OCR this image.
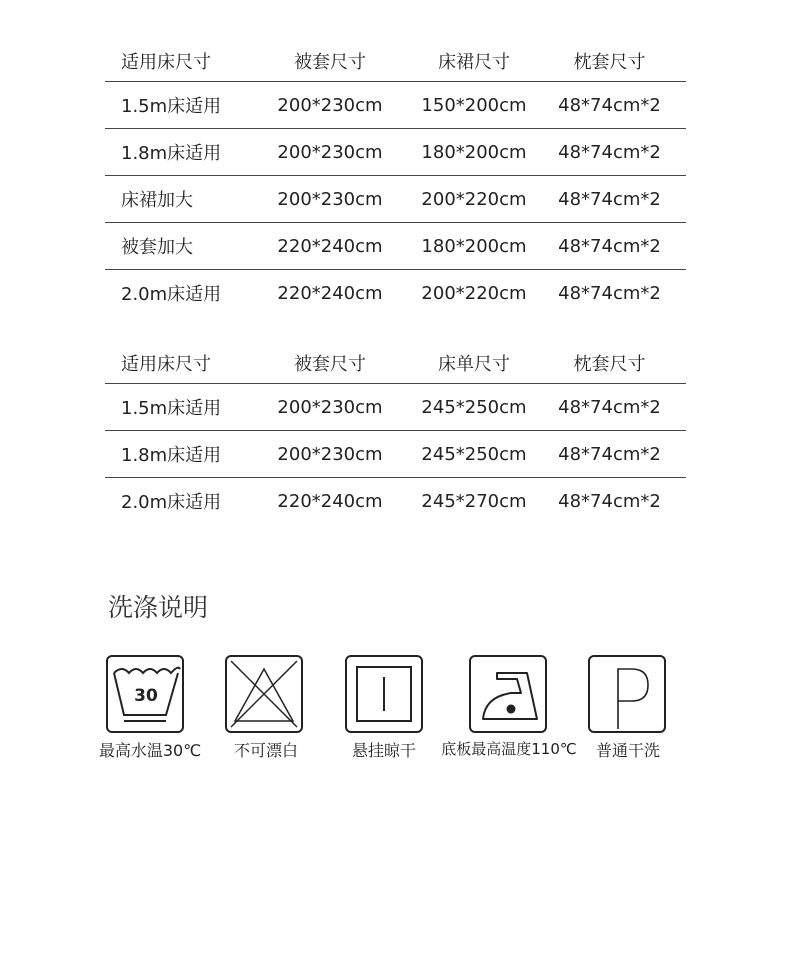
适用床尺寸	被套尺寸	床裙尺寸	枕套尺寸
1.5m床适用	200*230cm	150*200cm	48*74cm*2
1.8m床适用	200*230cm	180*200cm	48*74cm*2
床裙加大	200*230cm	200*220cm	48*74cm*2
被套加大	220*240cm	180*200cm	48*74cm*2
2.0m床适用	220*240cm	200*220cm	48*74cm*2
适用床尺寸	被套尺寸	床单尺寸	枕套尺寸
1.5m床适用	200*230cm	245*250cm	48*74cm*2
1.8m床适用	200*230cm	245*250cm	48*74cm*2
2.0m床适用	220*240cm	245*270cm	48*74cm*2
洗涤说明
30
最高水温30℃	不可漂白	悬挂晾干	底板最高温度110℃	普通干洗
